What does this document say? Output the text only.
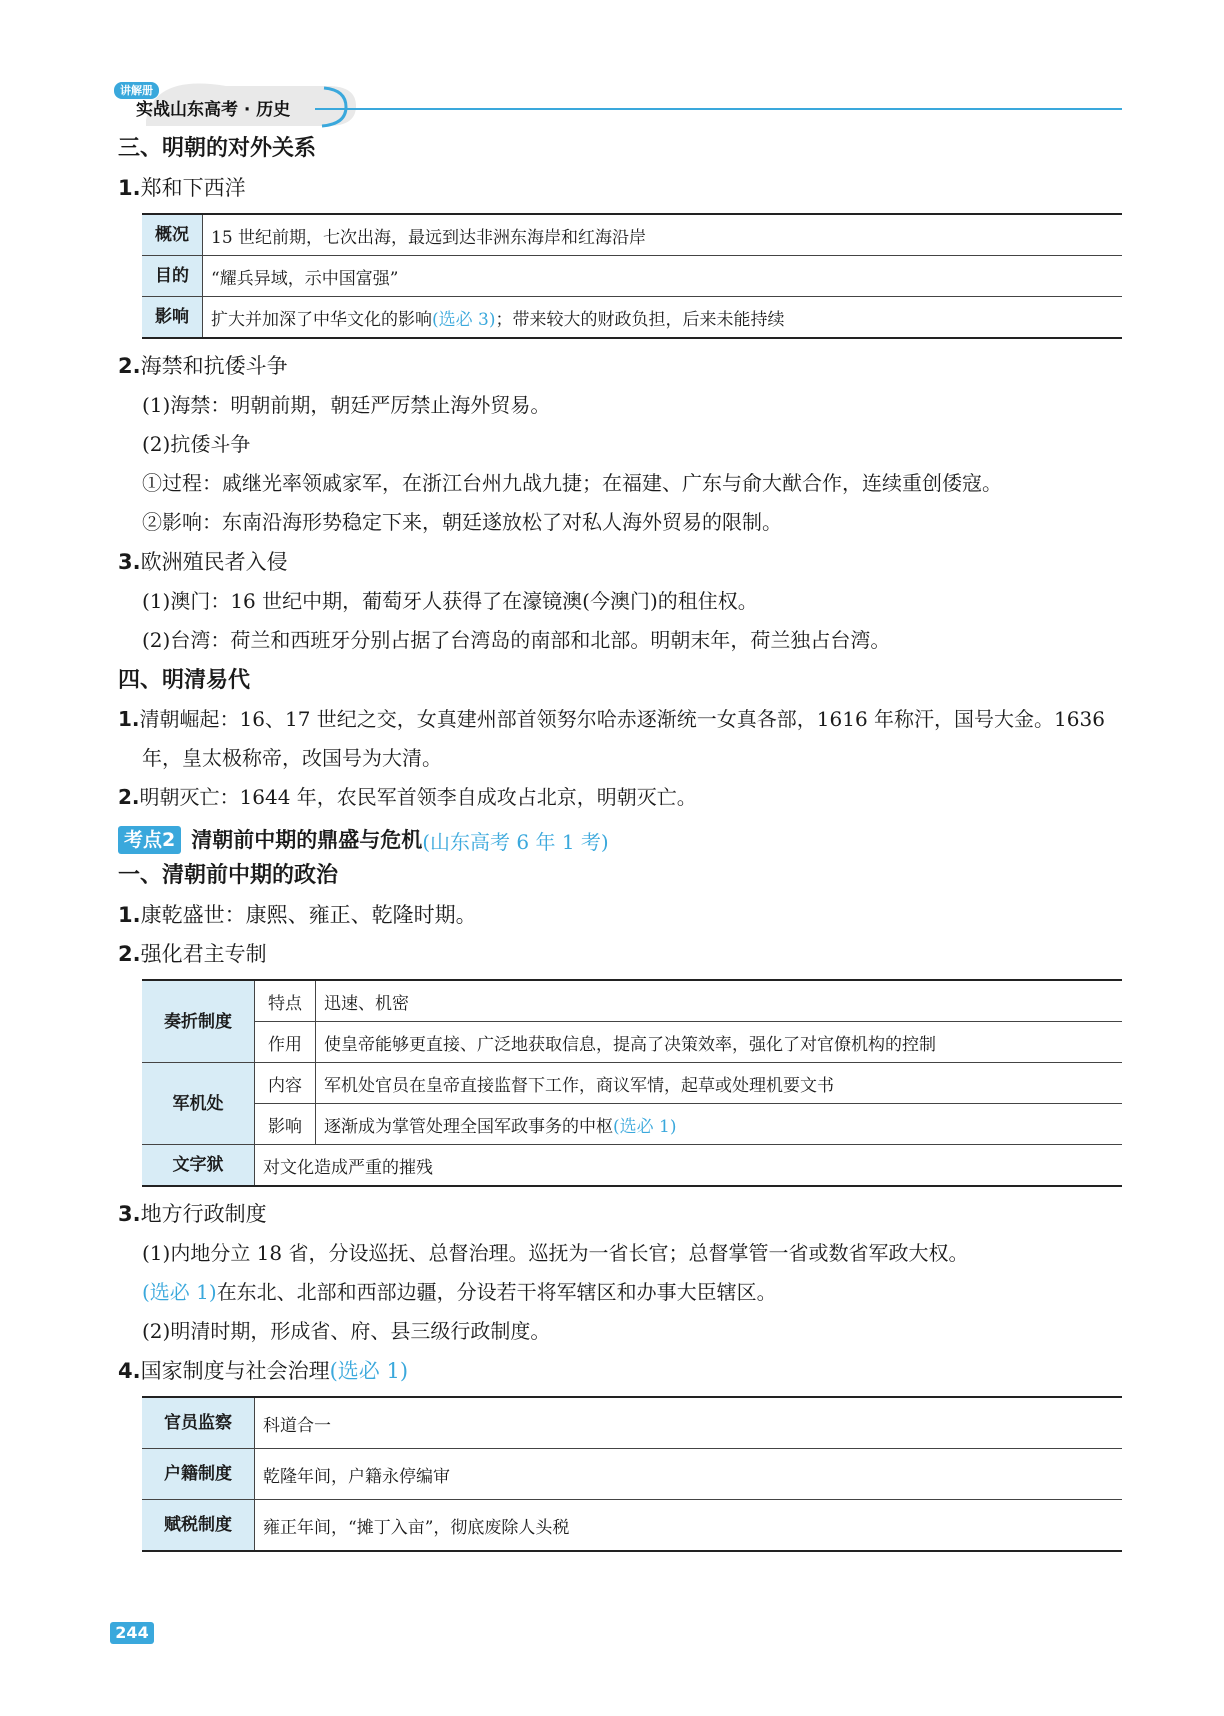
讲解册
实战山东高考 · 历史
三、明朝的对外关系
1.郑和下西洋
概况	15 世纪前期，七次出海，最远到达非洲东海岸和红海沿岸
目的	“耀兵异域，示中国富强”
影响	扩大并加深了中华文化的影响(选必 3)；带来较大的财政负担，后来未能持续
2.海禁和抗倭斗争

(1)海禁：明朝前期，朝廷严厉禁止海外贸易。

(2)抗倭斗争

①过程：戚继光率领戚家军，在浙江台州九战九捷；在福建、广东与俞大猷合作，连续重创倭寇。

②影响：东南沿海形势稳定下来，朝廷遂放松了对私人海外贸易的限制。

3.欧洲殖民者入侵

(1)澳门：16 世纪中期，葡萄牙人获得了在濠镜澳(今澳门)的租住权。

(2)台湾：荷兰和西班牙分别占据了台湾岛的南部和北部。明朝末年，荷兰独占台湾。

四、明清易代

1.清朝崛起：16、17 世纪之交，女真建州部首领努尔哈赤逐渐统一女真各部，1616 年称汗，国号大金。1636 年，皇太极称帝，改国号为大清。

2.明朝灭亡：1644 年，农民军首领李自成攻占北京，明朝灭亡。

考点2 清朝前中期的鼎盛与危机 (山东高考 6 年 1 考)
一、清朝前中期的政治
1.康乾盛世：康熙、雍正、乾隆时期。
2.强化君主专制
奏折制度	特点	迅速、机密
	作用	使皇帝能够更直接、广泛地获取信息，提高了决策效率，强化了对官僚机构的控制
军机处	内容	军机处官员在皇帝直接监督下工作，商议军情，起草或处理机要文书
	影响	逐渐成为掌管处理全国军政事务的中枢(选必 1)
文字狱	对文化造成严重的摧残	
3.地方行政制度

(1)内地分立 18 省，分设巡抚、总督治理。巡抚为一省长官；总督掌管一省或数省军政大权。

(选必 1)在东北、北部和西部边疆，分设若干将军辖区和办事大臣辖区。

(2)明清时期，形成省、府、县三级行政制度。

4.国家制度与社会治理(选必 1)
官员监察	科道合一
户籍制度	乾隆年间，户籍永停编审
赋税制度	雍正年间，“摊丁入亩”，彻底废除人头税
244
